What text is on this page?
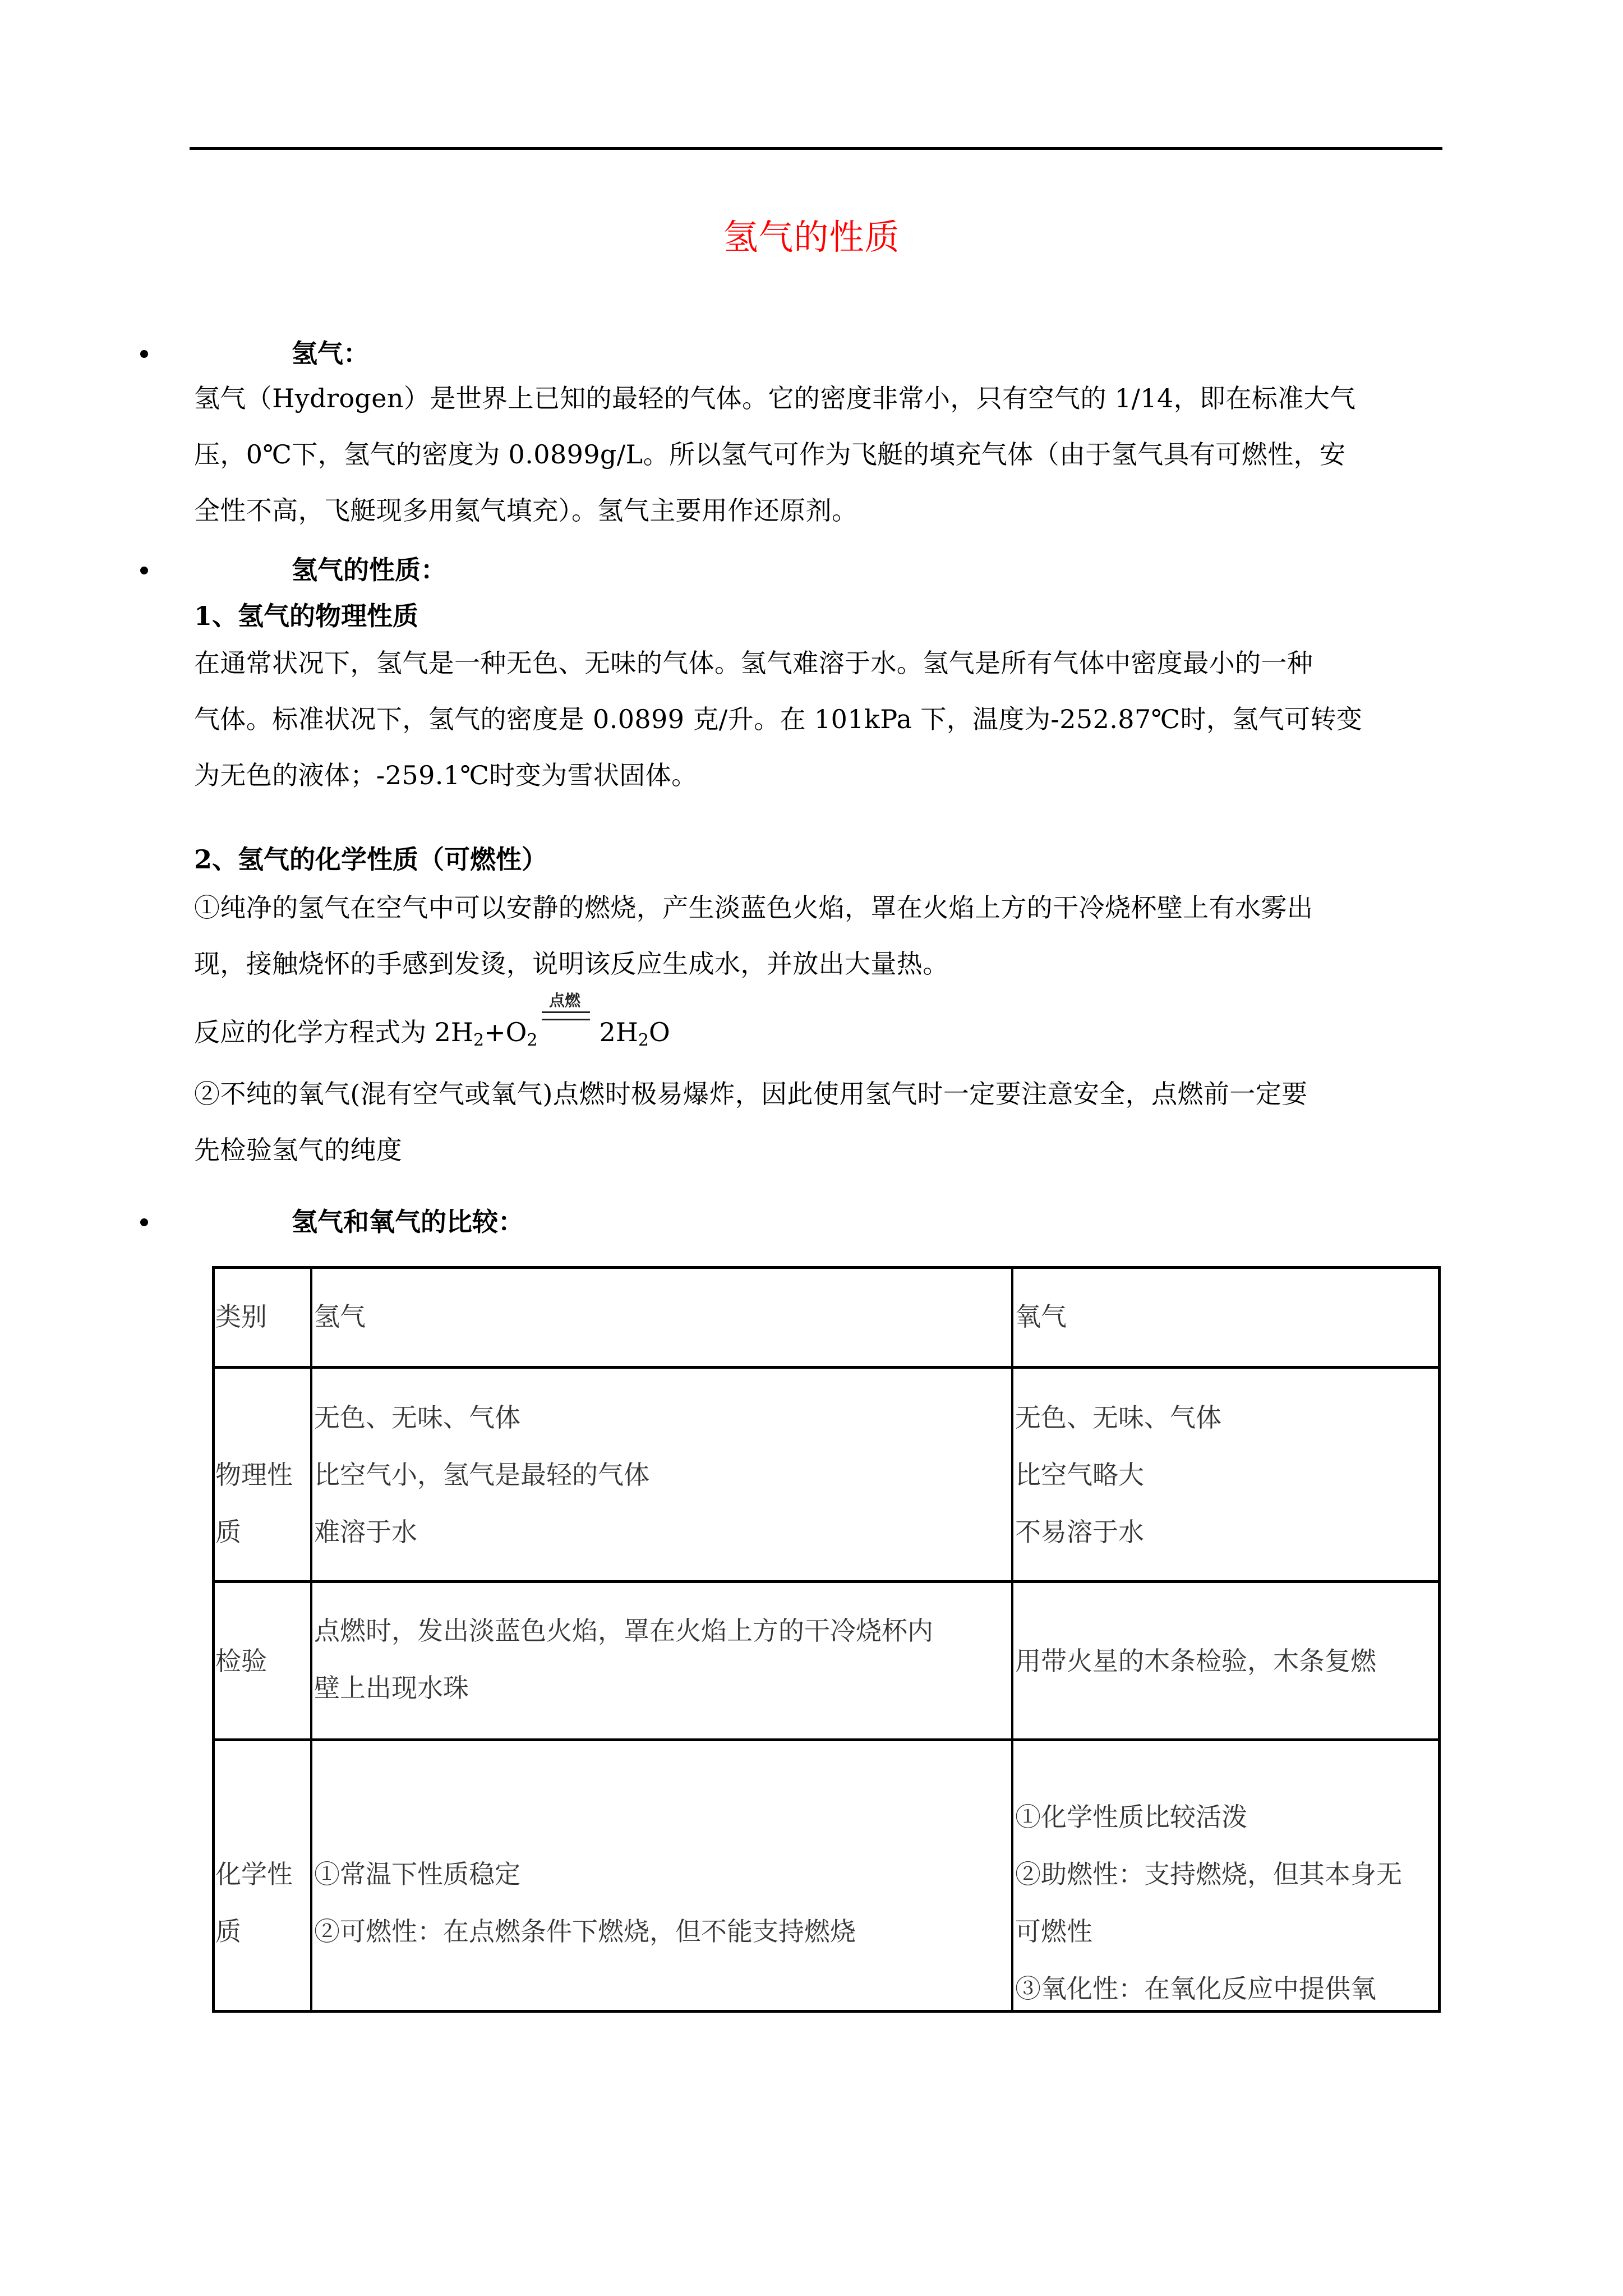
氢气的性质
氢气：
氢气（Hydrogen）是世界上已知的最轻的气体。它的密度非常小，只有空气的 1/14，即在标准大气
压，0℃下，氢气的密度为 0.0899g/L。所以氢气可作为飞艇的填充气体（由于氢气具有可燃性，安
全性不高，飞艇现多用氦气填充）。氢气主要用作还原剂。
氢气的性质：
1、氢气的物理性质
在通常状况下，氢气是一种无色、无味的气体。氢气难溶于水。氢气是所有气体中密度最小的一种
气体。标准状况下，氢气的密度是 0.0899 克/升。在 101kPa 下，温度为-252.87℃时，氢气可转变
为无色的液体；-259.1℃时变为雪状固体。
2、氢气的化学性质（可燃性）
①纯净的氢气在空气中可以安静的燃烧，产生淡蓝色火焰，罩在火焰上方的干冷烧杯壁上有水雾出
现，接触烧怀的手感到发烫，说明该反应生成水，并放出大量热。
反应的化学方程式为 $2H_2+O_2$ $2H_2O$
点燃
②不纯的氧气(混有空气或氧气)点燃时极易爆炸，因此使用氢气时一定要注意安全，点燃前一定要
先检验氢气的纯度
氢气和氧气的比较：
类别 氢气	氧气
物理性
质
无色、无味、气体
比空气小，氢气是最轻的气体
难溶于水
无色、无味、气体
比空气略大
不易溶于水
检验
点燃时，发出淡蓝色火焰，罩在火焰上方的干冷烧杯内
壁上出现水珠
用带火星的木条检验，木条复燃
化学性
质
①常温下性质稳定
②可燃性：在点燃条件下燃烧，但不能支持燃烧
①化学性质比较活泼
②助燃性：支持燃烧，但其本身无
可燃性
③氧化性：在氧化反应中提供氧
